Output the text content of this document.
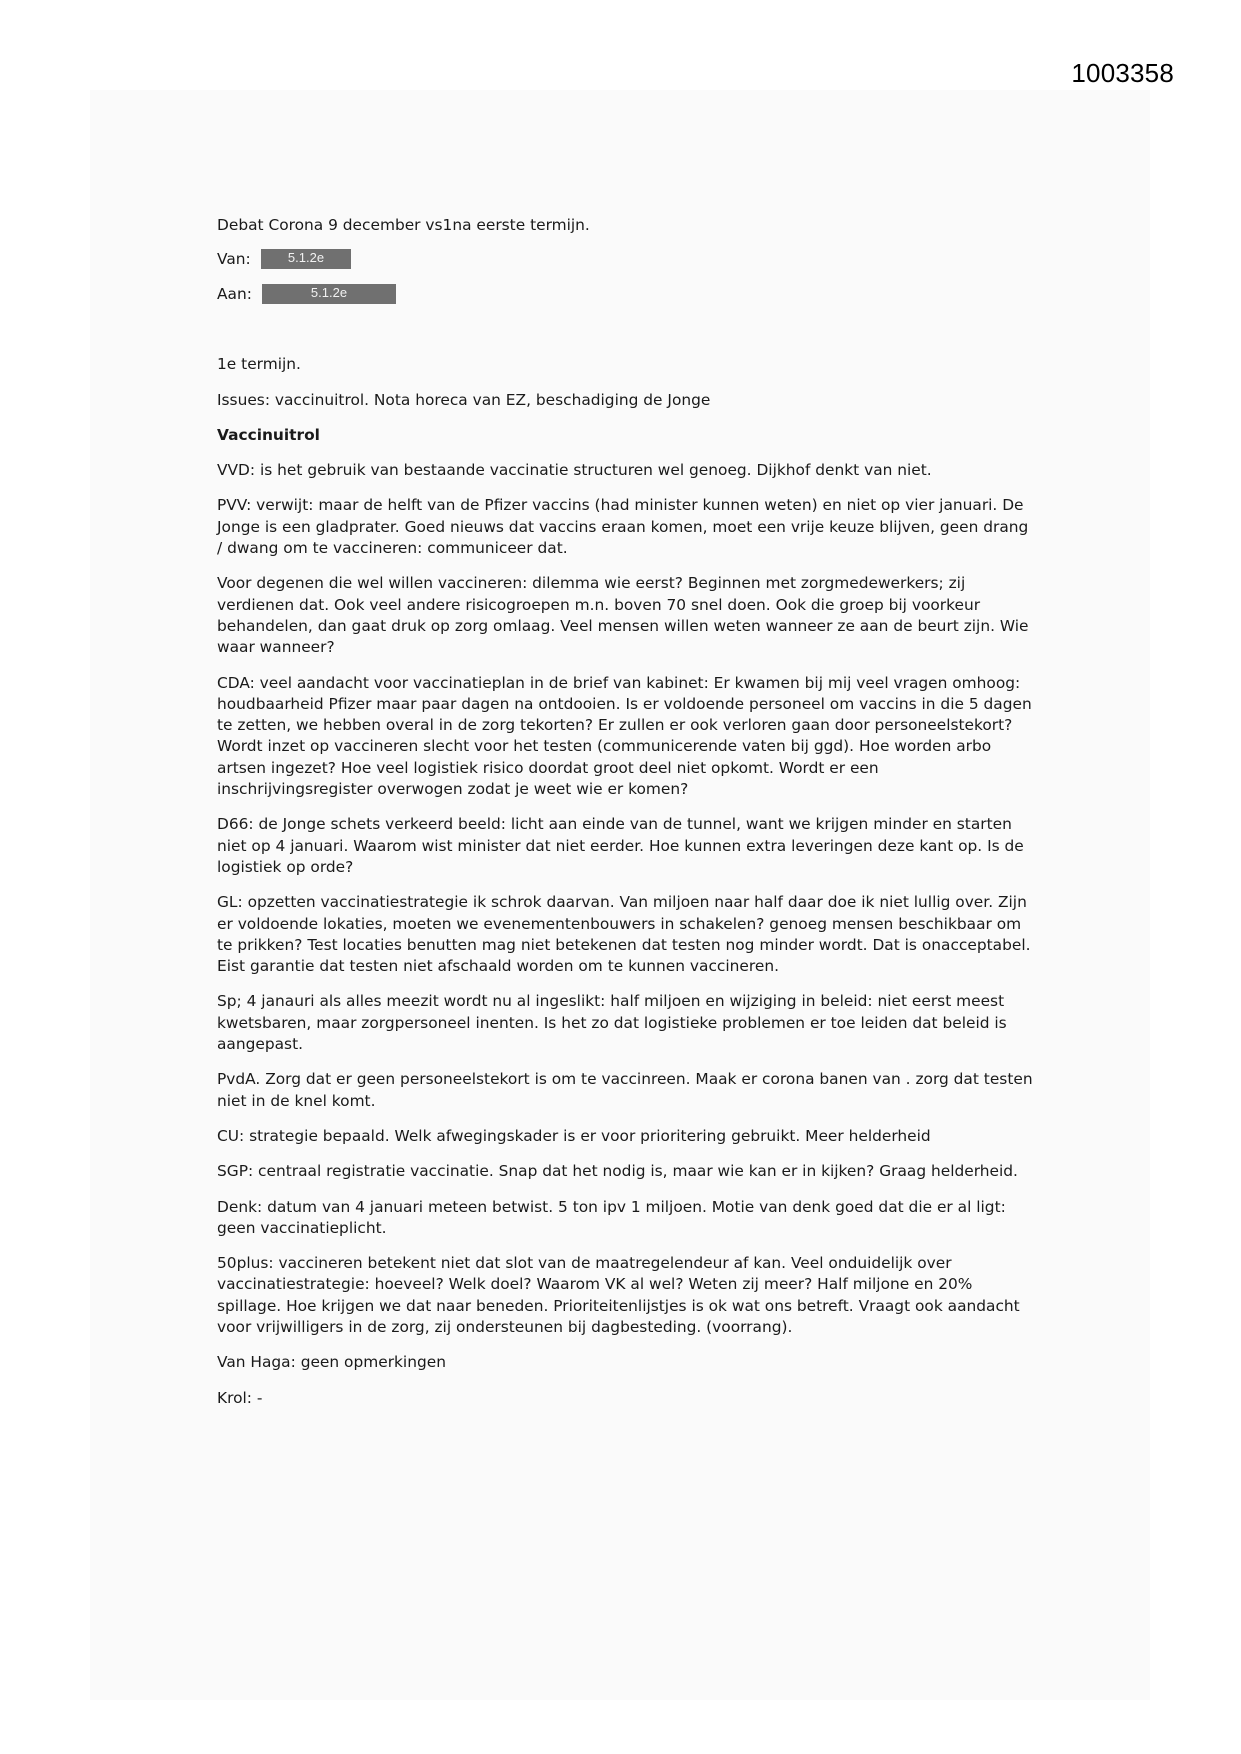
1003358

Debat Corona 9 december vs1na eerste termijn.

Van:	5.1.2e
Aan:	5.1.2e

1e termijn.

Issues: vaccinuitrol. Nota horeca van EZ, beschadiging de Jonge

Vaccinuitrol

VVD: is het gebruik van bestaande vaccinatie structuren wel genoeg. Dijkhof denkt van niet.

PVV: verwijt: maar de helft van de Pfizer vaccins (had minister kunnen weten) en niet op vier januari. De Jonge is een gladprater. Goed nieuws dat vaccins eraan komen, moet een vrije keuze blijven, geen drang / dwang om te vaccineren: communiceer dat.

Voor degenen die wel willen vaccineren: dilemma wie eerst? Beginnen met zorgmedewerkers; zij verdienen dat. Ook veel andere risicogroepen m.n. boven 70 snel doen. Ook die groep bij voorkeur behandelen, dan gaat druk op zorg omlaag. Veel mensen willen weten wanneer ze aan de beurt zijn. Wie waar wanneer?

CDA: veel aandacht voor vaccinatieplan in de brief van kabinet: Er kwamen bij mij veel vragen omhoog: houdbaarheid Pfizer maar paar dagen na ontdooien. Is er voldoende personeel om vaccins in die 5 dagen te zetten, we hebben overal in de zorg tekorten? Er zullen er ook verloren gaan door personeelstekort? Wordt inzet op vaccineren slecht voor het testen (communicerende vaten bij ggd). Hoe worden arbo artsen ingezet? Hoe veel logistiek risico doordat groot deel niet opkomt. Wordt er een inschrijvingsregister overwogen zodat je weet wie er komen?

D66: de Jonge schets verkeerd beeld: licht aan einde van de tunnel, want we krijgen minder en starten niet op 4 januari. Waarom wist minister dat niet eerder. Hoe kunnen extra leveringen deze kant op. Is de logistiek op orde?

GL: opzetten vaccinatiestrategie ik schrok daarvan. Van miljoen naar half daar doe ik niet lullig over. Zijn er voldoende lokaties, moeten we evenementenbouwers in schakelen? genoeg mensen beschikbaar om te prikken? Test locaties benutten mag niet betekenen dat testen nog minder wordt. Dat is onacceptabel. Eist garantie dat testen niet afschaald worden om te kunnen vaccineren.

Sp; 4 janauri als alles meezit wordt nu al ingeslikt: half miljoen en wijziging in beleid: niet eerst meest kwetsbaren, maar zorgpersoneel inenten. Is het zo dat logistieke problemen er toe leiden dat beleid is aangepast.

PvdA. Zorg dat er geen personeelstekort is om te vaccinreen. Maak er corona banen van . zorg dat testen niet in de knel komt.

CU: strategie bepaald. Welk afwegingskader is er voor prioritering gebruikt. Meer helderheid

SGP: centraal registratie vaccinatie. Snap dat het nodig is, maar wie kan er in kijken? Graag helderheid.

Denk: datum van 4 januari meteen betwist. 5 ton ipv 1 miljoen. Motie van denk goed dat die er al ligt: geen vaccinatieplicht.

50plus: vaccineren betekent niet dat slot van de maatregelendeur af kan. Veel onduidelijk over vaccinatiestrategie: hoeveel? Welk doel? Waarom VK al wel? Weten zij meer? Half miljone en 20% spillage. Hoe krijgen we dat naar beneden. Prioriteitenlijstjes is ok wat ons betreft. Vraagt ook aandacht voor vrijwilligers in de zorg, zij ondersteunen bij dagbesteding. (voorrang).

Van Haga: geen opmerkingen

Krol: -
